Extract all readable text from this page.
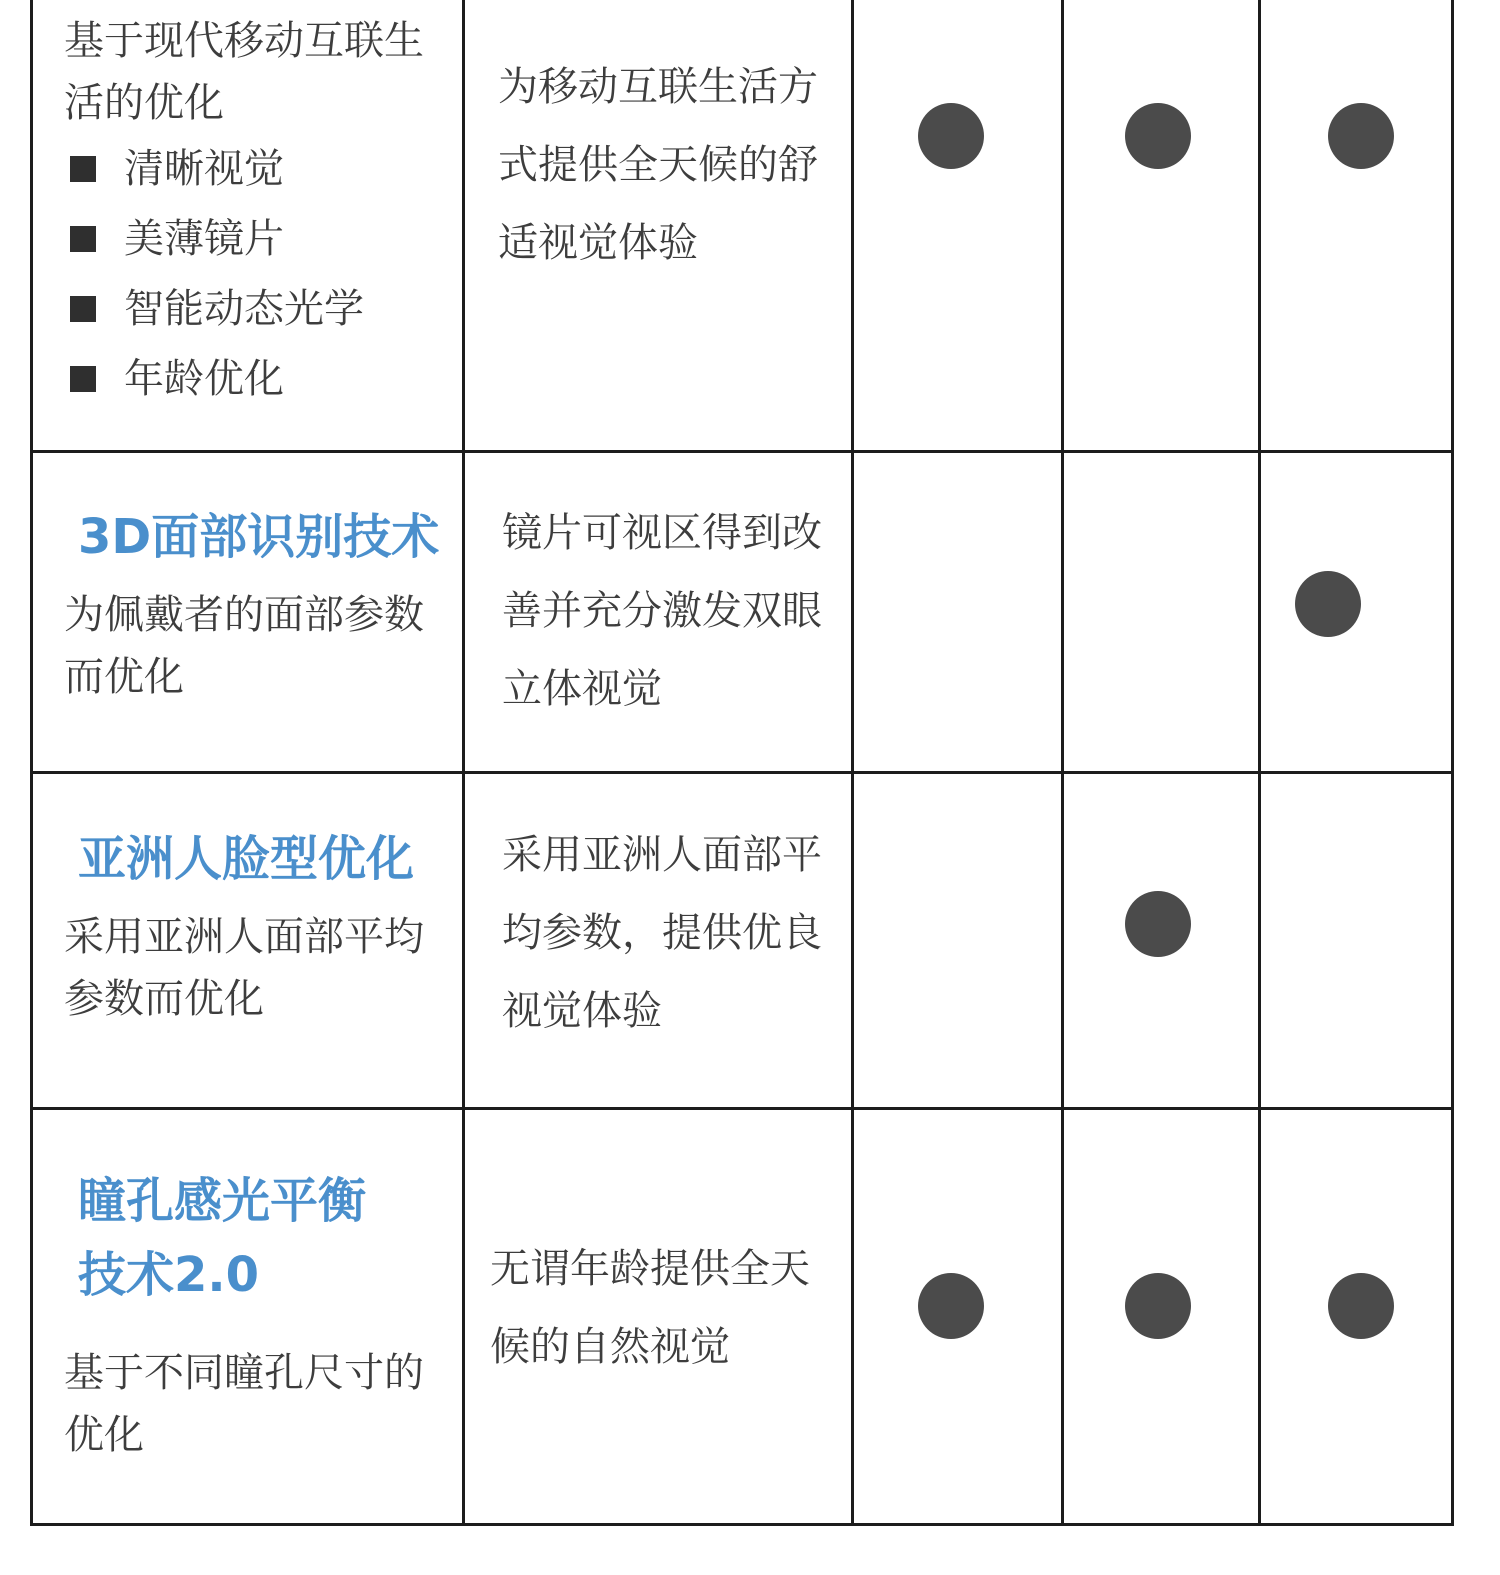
基于现代移动互联生活的优化
清晰视觉
美薄镜片
智能动态光学
年龄优化
为移动互联生活方式提供全天候的舒适视觉体验
3D面部识别技术
为佩戴者的面部参数而优化
镜片可视区得到改善并充分激发双眼立体视觉
亚洲人脸型优化
采用亚洲人面部平均参数而优化
采用亚洲人面部平均参数，提供优良视觉体验
瞳孔感光平衡技术2.0
基于不同瞳孔尺寸的优化
无谓年龄提供全天候的自然视觉
